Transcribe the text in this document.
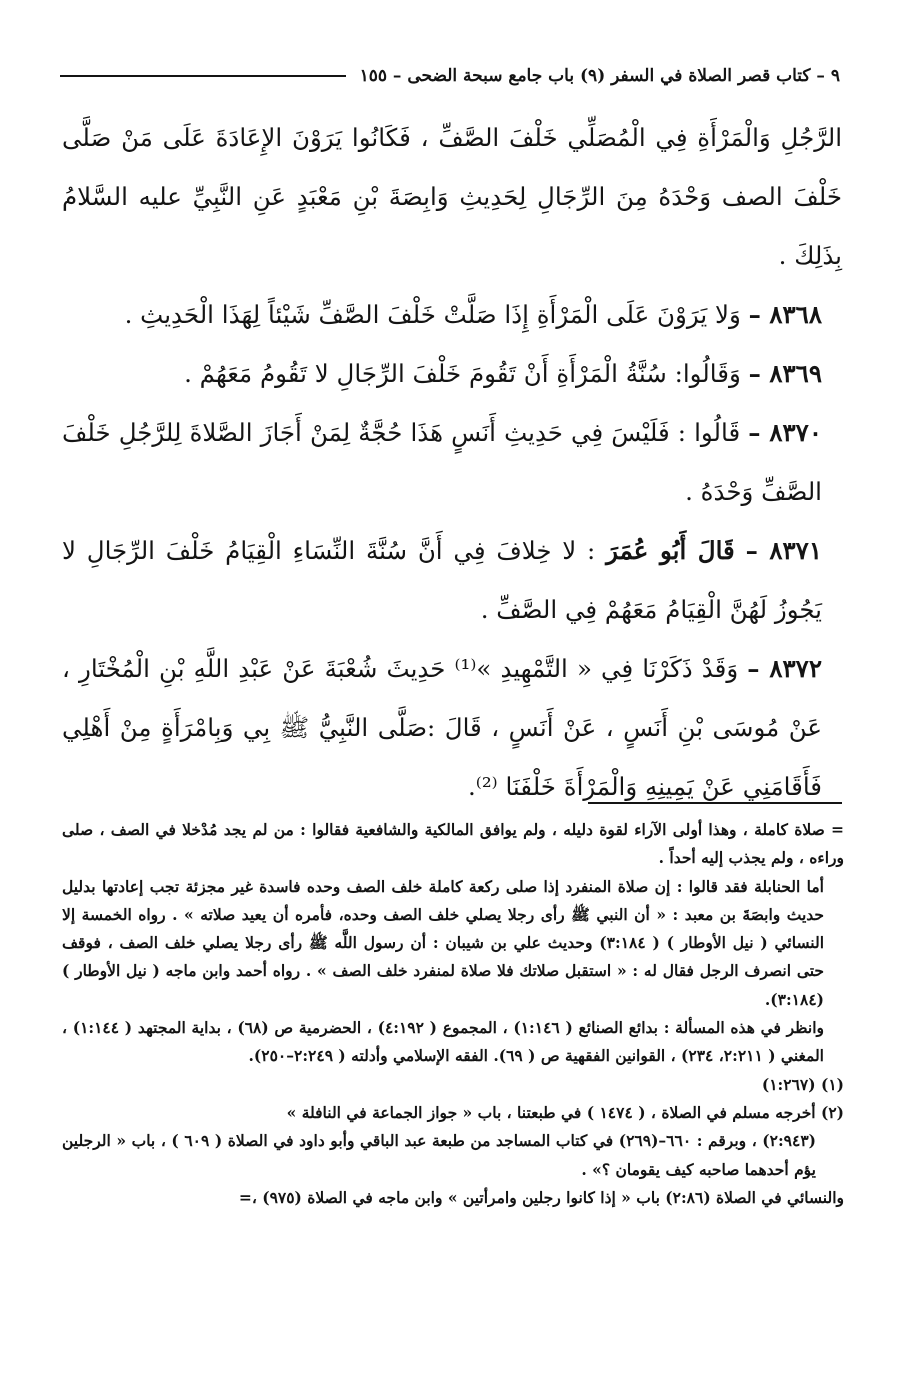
٩ – كتاب قصر الصلاة في السفر (٩) باب جامع سبحة الضحى – ١٥٥

الرَّجُلِ وَالْمَرْأَةِ فِي الْمُصَلِّي خَلْفَ الصَّفِّ ، فَكَانُوا يَرَوْنَ الإِعَادَةَ عَلَى مَنْ صَلَّى خَلْفَ الصف وَحْدَهُ مِنَ الرِّجَالِ لِحَدِيثِ وَابِصَةَ بْنِ مَعْبَدٍ عَنِ النَّبِيِّ عليه السَّلامُ بِذَلِكَ .

٨٣٦٨ – وَلا يَرَوْنَ عَلَى الْمَرْأَةِ إِذَا صَلَّتْ خَلْفَ الصَّفِّ شَيْئاً لِهَذَا الْحَدِيثِ .

٨٣٦٩ – وَقَالُوا: سُنَّةُ الْمَرْأَةِ أَنْ تَقُومَ خَلْفَ الرِّجَالِ لا تَقُومُ مَعَهُمْ .

٨٣٧٠ – قَالُوا : فَلَيْسَ فِي حَدِيثِ أَنَسٍ هَذَا حُجَّةٌ لِمَنْ أَجَازَ الصَّلاةَ لِلرَّجُلِ خَلْفَ الصَّفِّ وَحْدَهُ .

٨٣٧١ – قَالَ أَبُو عُمَرَ : لا خِلافَ فِي أَنَّ سُنَّةَ النِّسَاءِ الْقِيَامُ خَلْفَ الرِّجَالِ لا يَجُوزُ لَهُنَّ الْقِيَامُ مَعَهُمْ فِي الصَّفِّ .

٨٣٧٢ – وَقَدْ ذَكَرْنَا فِي « التَّمْهِيدِ »⁽¹⁾ حَدِيثَ شُعْبَةَ عَنْ عَبْدِ اللَّهِ بْنِ الْمُخْتَارِ ، عَنْ مُوسَى بْنِ أَنَسٍ ، عَنْ أَنَسٍ ، قَالَ :صَلَّى النَّبِيُّ ﷺ بِي وَبِامْرَأَةٍ مِنْ أَهْلِي فَأَقَامَنِي عَنْ يَمِينِهِ وَالْمَرْأَةَ خَلْفَنَا ⁽²⁾.

= صلاة كاملة ، وهذا أولى الآراء لقوة دليله ، ولم يوافق المالكية والشافعية فقالوا : من لم يجد مُدْخلا في الصف ، صلى وراءه ، ولم يجذب إليه أحداً .

أما الحنابلة فقد قالوا : إن صلاة المنفرد إذا صلى ركعة كاملة خلف الصف وحده فاسدة غير مجزئة تجب إعادتها بدليل حديث وابصَةَ بن معبد : « أن النبي ﷺ رأى رجلا يصلي خلف الصف وحده، فأمره أن يعيد صلاته » . رواه الخمسة إلا النسائي ( نيل الأوطار ) ( ٣:١٨٤) وحديث علي بن شيبان : أن رسول اللَّه ﷺ رأى رجلا يصلي خلف الصف ، فوقف حتى انصرف الرجل فقال له : « استقبل صلاتك فلا صلاة لمنفرد خلف الصف » . رواه أحمد وابن ماجه ( نيل الأوطار ) (٣:١٨٤).

وانظر في هذه المسألة : بدائع الصنائع ( ١:١٤٦) ، المجموع ( ٤:١٩٢) ، الحضرمية ص (٦٨) ، بداية المجتهد ( ١:١٤٤) ، المغني ( ٢:٢١١، ٢٣٤) ، القوانين الفقهية ص ( ٦٩). الفقه الإسلامي وأدلته ( ٢:٢٤٩–٢٥٠).

(١) (١:٢٦٧)

(٢) أخرجه مسلم في الصلاة ، ( ١٤٧٤ ) في طبعتنا ، باب « جواز الجماعة في النافلة »

(٢:٩٤٣) ، وبرقم : ٦٦٠–(٢٦٩) في كتاب المساجد من طبعة عبد الباقي وأبو داود في الصلاة ( ٦٠٩ ) ، باب « الرجلين يؤم أحدهما صاحبه كيف يقومان ؟» .

والنسائي في الصلاة (٢:٨٦) باب « إذا كانوا رجلين وامرأتين » وابن ماجه في الصلاة (٩٧٥) ،=
